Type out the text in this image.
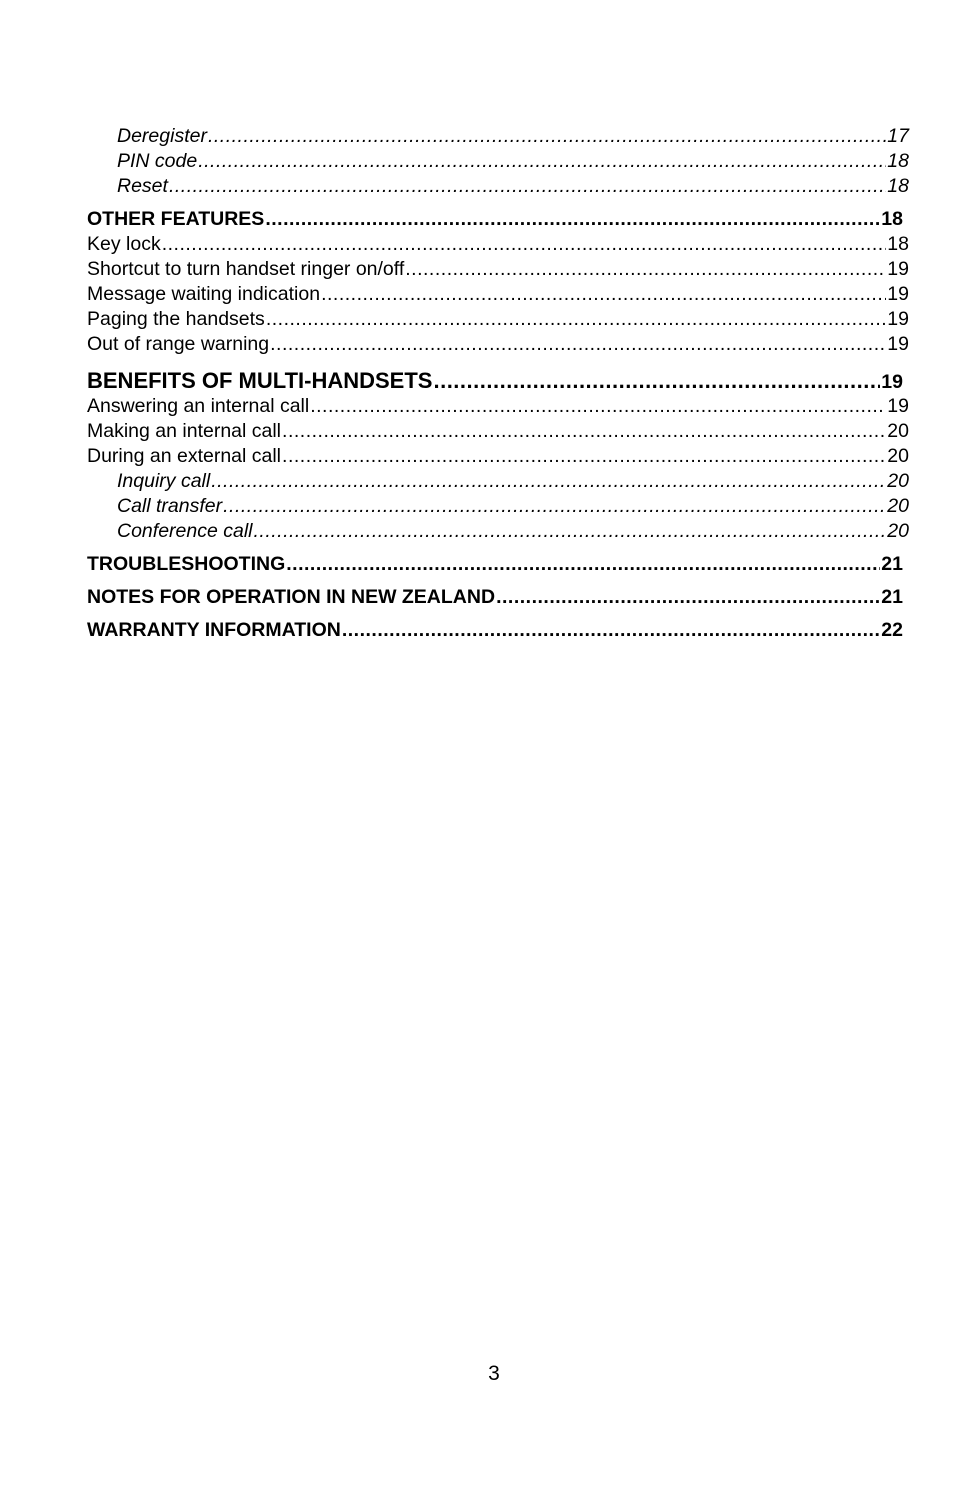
Deregister .....	17
PIN code .....	18
Reset .....	18
OTHER FEATURES .....	18
Key lock .....	18
Shortcut to turn handset ringer on/off .....	19
Message waiting indication .....	19
Paging the handsets .....	19
Out of range warning .....	19
BENEFITS OF MULTI-HANDSETS .....	19
Answering an internal call .....	19
Making an internal call .....	20
During an external call .....	20
Inquiry call .....	20
Call transfer .....	20
Conference call .....	20
TROUBLESHOOTING .....	21
NOTES FOR OPERATION IN NEW ZEALAND .....	21
WARRANTY INFORMATION .....	22
3
